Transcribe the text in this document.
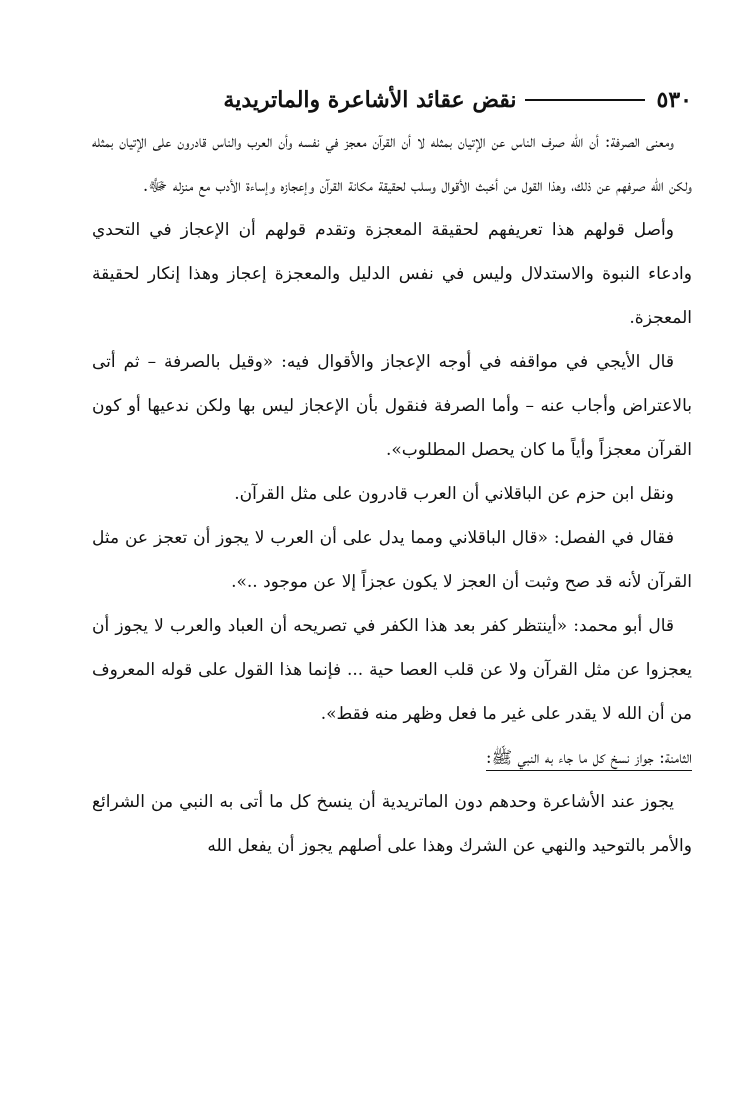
٥٣٠
نقض عقائد الأشاعرة والماتريدية

ومعنى الصرفة: أن الله صرف الناس عن الإتيان بمثله لا أن القرآن معجز في نفسه وأن العرب والناس قادرون على الإتيان بمثله ولكن الله صرفهم عن ذلك، وهذا القول من أخبث الأقوال وسلب لحقيقة مكانة القرآن وإعجازه وإساءة الأدب مع منزله ﷻ.

وأصل قولهم هذا تعريفهم لحقيقة المعجزة وتقدم قولهم أن الإعجاز في التحدي وادعاء النبوة والاستدلال وليس في نفس الدليل والمعجزة إعجاز وهذا إنكار لحقيقة المعجزة.

قال الأيجي في مواقفه في أوجه الإعجاز والأقوال فيه: «وقيل بالصرفة – ثم أتى بالاعتراض وأجاب عنه – وأما الصرفة فنقول بأن الإعجاز ليس بها ولكن ندعيها أو كون القرآن معجزاً وأياً ما كان يحصل المطلوب».

ونقل ابن حزم عن الباقلاني أن العرب قادرون على مثل القرآن.

فقال في الفصل: «قال الباقلاني ومما يدل على أن العرب لا يجوز أن تعجز عن مثل القرآن لأنه قد صح وثبت أن العجز لا يكون عجزاً إلا عن موجود ..».

قال أبو محمد: «أينتظر كفر بعد هذا الكفر في تصريحه أن العباد والعرب لا يجوز أن يعجزوا عن مثل القرآن ولا عن قلب العصا حية ... فإنما هذا القول على قوله المعروف من أن الله لا يقدر على غير ما فعل وظهر منه فقط».

الثامنة: جواز نسخ كل ما جاء به النبي ﷺ:

يجوز عند الأشاعرة وحدهم دون الماتريدية أن ينسخ كل ما أتى به النبي من الشرائع والأمر بالتوحيد والنهي عن الشرك وهذا على أصلهم يجوز أن يفعل الله
